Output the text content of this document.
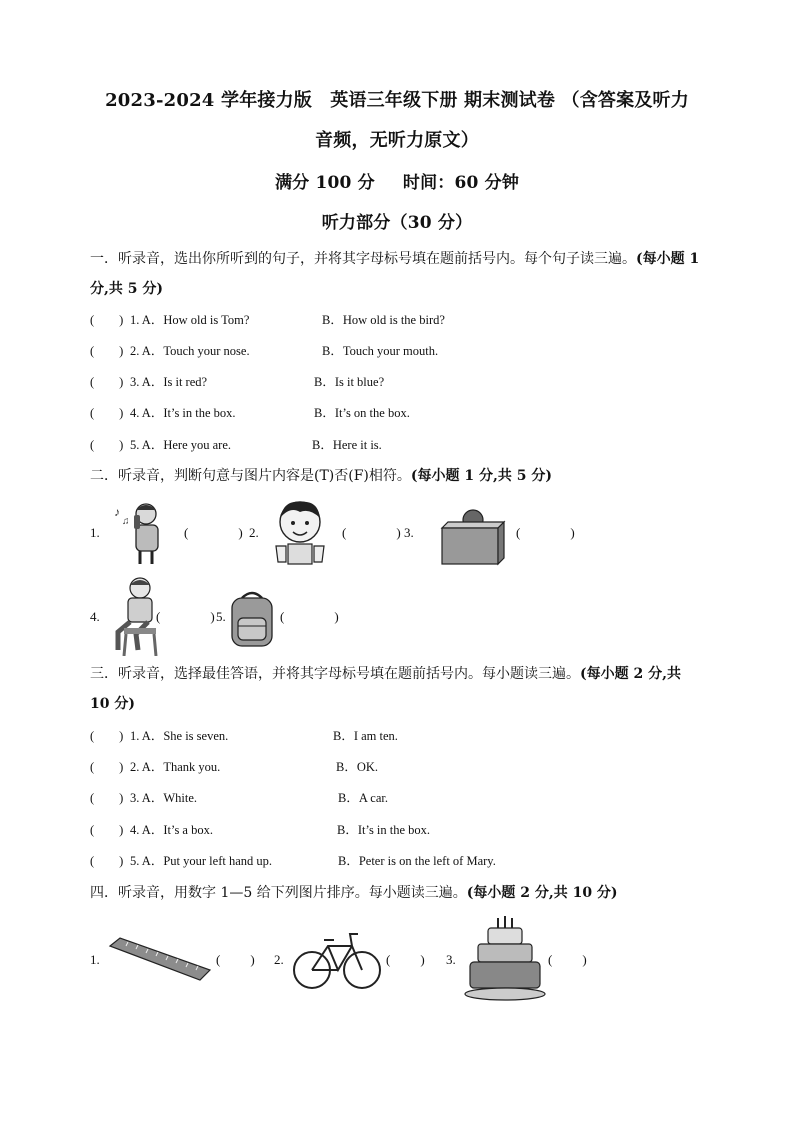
2023-2024 学年接力版　英语三年级下册 期末测试卷 （含答案及听力
音频，无听力原文）
满分 100 分 时间：60 分钟
听力部分（30 分）
一．听录音，选出你所听到的句子，并将其字母标号填在题前括号内。每个句子读三遍。(每小题 1
分,共 5 分)
(　　) 1. A．How old is Tom?	B．How old is the bird?
(　　) 2. A．Touch your nose.	B．Touch your mouth.
(　　) 3. A．Is it red?	B．Is it blue?
(　　) 4. A．It’s in the box.	B．It’s on the box.
(　　) 5. A．Here you are.	B．Here it is.
二．听录音，判断句意与图片内容是(T)否(F)相符。(每小题 1 分,共 5 分)
1.
♪
♫
(	) 2.	(	) 3.	(	)
4.	(	) 5.	(	)
三．听录音，选择最佳答语，并将其字母标号填在题前括号内。每小题读三遍。(每小题 2 分,共
10 分)
(　　) 1. A．She is seven.	B．I am ten.
(　　) 2. A．Thank you.	B．OK.
(　　) 3. A．White.	B．A car.
(　　) 4. A．It’s a box.	B．It’s in the box.
(　　) 5. A．Put your left hand up.	B．Peter is on the left of Mary.
四．听录音，用数字 1—5 给下列图片排序。每小题读三遍。(每小题 2 分,共 10 分)
1.	( ) 2.	( ) 3.	( )
